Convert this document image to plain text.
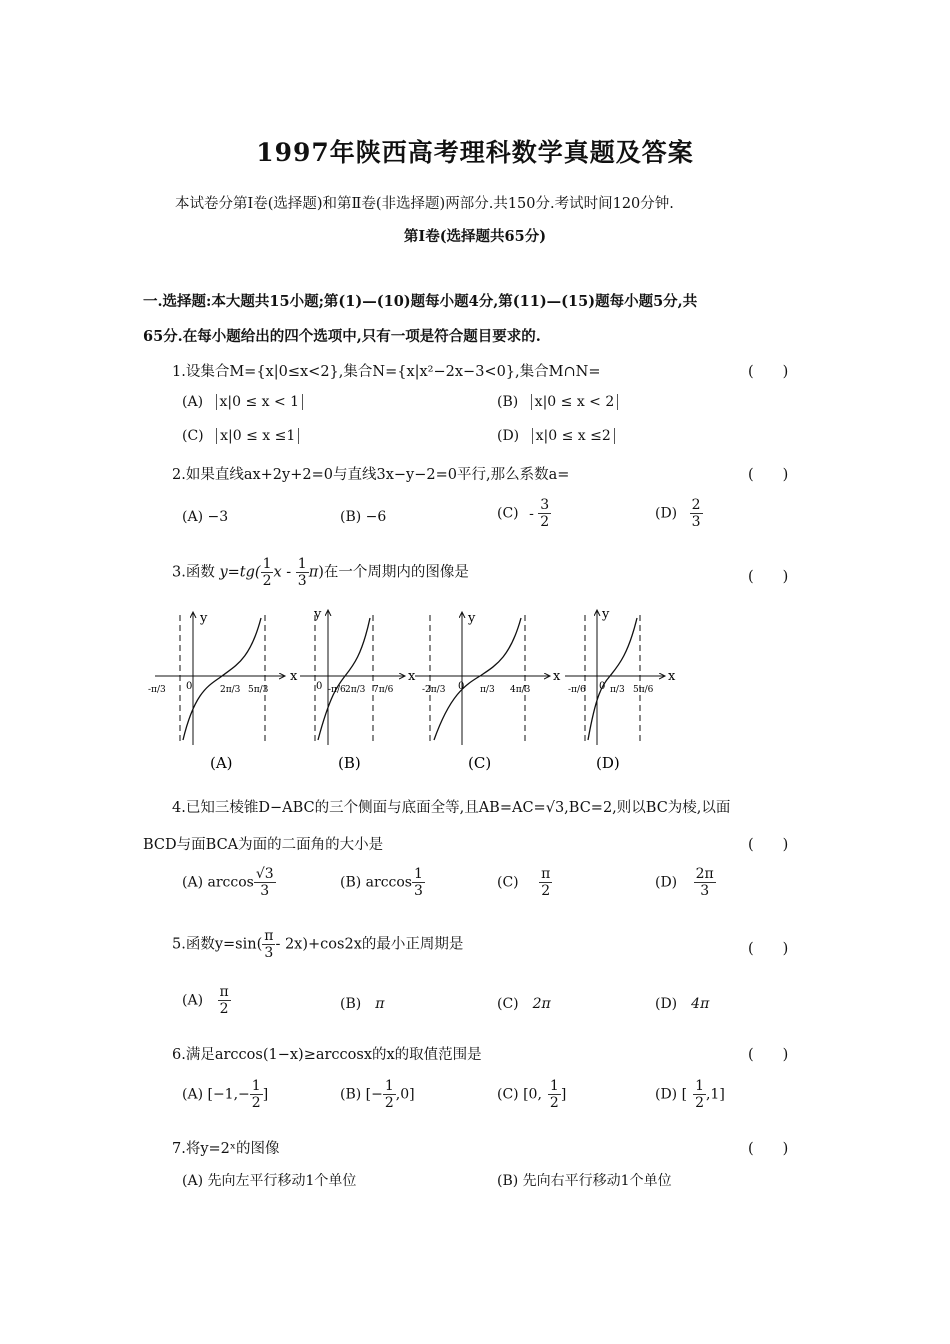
1997年陕西高考理科数学真题及答案
本试卷分第Ⅰ卷(选择题)和第Ⅱ卷(非选择题)两部分.共150分.考试时间120分钟.
第Ⅰ卷(选择题共65分)
一.选择题:本大题共15小题;第(1)—(10)题每小题4分,第(11)—(15)题每小题5分,共
65分.在每小题给出的四个选项中,只有一项是符合题目要求的.
1.设集合M={x|0≤x<2},集合N={x|x²−2x−3<0},集合M∩N=	(　　)
(A) x|0 ≤ x < 1	(B) x|0 ≤ x < 2
(C) x|0 ≤ x ≤1	(D) x|0 ≤ x ≤2
2.如果直线ax+2y+2=0与直线3x−y−2=0平行,那么系数a=	(　　)
(A) −3	(B) −6	$(C) - \frac{3}{2}$	$(D) \frac{2}{3}$
3.函数 $y=tg( \frac{1}{2}$ x - $\frac{1}{3} \pi$)在一个周期内的图像是	(　　)
x
y
0
-π/3	2π/3 5π/3
(A)
x
y
0 -π/6 2π/3 7π/6
(B)
x
y
0
-2π/3	π/3 4π/3
(C)
x
y
0
-π/6	π/3 5π/6
(D)
4.已知三棱锥D−ABC的三个侧面与底面全等,且AB=AC=√3,BC=2,则以BC为棱,以面
BCD与面BCA为面的二面角的大小是	(　　)
(A) $\arccos \frac{√3}{3}$	(B) $\arccos \frac{1}{3}$	$(C) \frac{\pi}{2}$	$(D) \frac{2\pi}{3}$
5.函数$y=\sin( \frac{\pi}{3} - 2x)+\cos 2x$的最小正周期是	(　　)
$(A) \frac{\pi}{2}$	(B) π	(C) 2π	(D) 4π
6.满足arccos(1−x)≥arccosx的x的取值范围是	(　　)
(A) [$-1,- \frac{1}{2}$ ]	(B) [− $\frac{1}{2} ,0$]	(C) [0, $\frac{1}{2}$ ]	(D) [ $\frac{1}{2} ,1$]
7.将y=2ˣ的图像	(　　)
(A) 先向左平行移动1个单位	(B) 先向右平行移动1个单位
